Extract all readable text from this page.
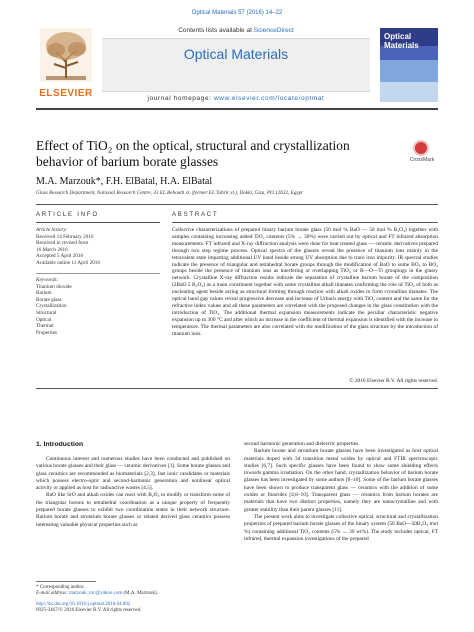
Optical Materials 57 (2016) 14–22
ELSEVIER
Contents lists available at ScienceDirect
Optical Materials
journal homepage: www.elsevier.com/locate/optmat
Optical Materials
Effect of TiO₂ on the optical, structural and crystallization behavior of barium borate glasses	CrossMark
M.A. Marzouk*, F.H. ElBatal, H.A. ElBatal
Glass Research Department, National Research Centre, 33 EL Behouth st. (former EL Tahrir st.), Dokki, Giza, PO.12622, Egypt
ARTICLE INFO	ABSTRACT
Article history:
Received 14 February 2016
Received in revised form
16 March 2016
Accepted 5 April 2016
Available online 11 April 2016
Keywords:
Titanium dioxide
Barium
Borate glass
Crystallization
Structural
Optical
Thermal
Properties
Collective characterizations of prepared binary barium borate glass (50 mol % BaO — 50 mol % B₂O₃) together with samples containing increasing added TiO₂ contents (5% → 30%) were carried out by optical and FT infrared absorption measurements. FT infrared and X-ray diffraction analysis were done for heat treated glass — ceramic derivatives prepared through two step regime process. Optical spectra of the glasses reveal the presence of titanium ions mainly in the tetravalent state imparting additional UV band beside strong UV absorption due to trace iron impurity. IR spectral studies indicate the presence of triangular and tetrahedral borate groups through the modification of BaO to some BO₃ to BO₄ groups beside the presence of titanium ions as interfering or overlapping TiO₄ or B—O—Ti groupings in the glassy network. Crystalline X-ray diffraction results indicate the separation of crystalline barium borate of the composition (2BaO.5 B₂O₃) as a main constituent together with some crystalline alkali titanates confirming the role of TiO₂ of both as nucleating agent beside acting as structural forming through reaction with alkali oxides to form crystalline titanates. The optical band gap values reveal progressive decrease and increase of Urbach energy with TiO₂ content and the same for the refractive index values and all these parameters are correlated with the proposed changes in the glass constitution with the introduction of TiO₂. The additional thermal expansion measurements indicate the peculiar characteristic negative expansion up to 300 °C and after which an increase in the coefficient of thermal expansion is identified with the increase in temperature. The thermal parameters are also correlated with the modification of the glass structure by the introduction of titanium ions.
© 2016 Elsevier B.V. All rights reserved.
1. Introduction

Continuous interest and numerous studies have been conducted and published on various borate glasses and their glass — ceramic derivatives [1]. Some borate glasses and glass ceramics are recommended as biomaterials [2,3], fast ionic candidates or materials which possess electro-optic and second-harmonic generation and nonlinear optical activity or applied as host for radioactive wastes [4,5].

BaO like SrO and alkali oxides can react with B₂O₃ to modify or transform some of the triangular borons to tetrahedral coordination as a unique property of frequently prepared borate glasses to exhibit two coordination states in their network structure. Barium borate and strontium borate glasses or related derived glass ceramics possess interesting valuable physical properties such as

second harmonic generation and dielectric properties.

Barium borate and strontium borate glasses have been investigated as host optical materials doped with 3d transition metal oxides by optical and FTIR spectroscopic studies [6,7]. Such specific glasses have been found to show some shielding effects towards gamma irradiation. On the other hand, crystallization behavior of barium borate glasses has been investigated by some authors [8–10]. Some of the barium borate glasses have been shown to produce transparent glass — ceramics with the addition of some oxides or fluorides [4,8–10]. Transparent glass — ceramics from barium borates are materials that have two distinct properties, namely they are nanocrystalline and with greater stability than their parent glasses [11].

The present work aims to investigate collective optical, structural and crystallization properties of prepared barium borate glasses of the binary system (50 BaO—50B₂O₃ mol %) containing additional TiO₂ contents (5% → 30 wt%). The study includes optical, FT infrared, thermal expansion investigations of the prepared

* Corresponding author.
E-mail address: marzouk_nrc@yahoo.com (M.A. Marzouk).
http://dx.doi.org/10.1016/j.optmat.2016.04.002
0925-3467/© 2016 Elsevier B.V. All rights reserved.
